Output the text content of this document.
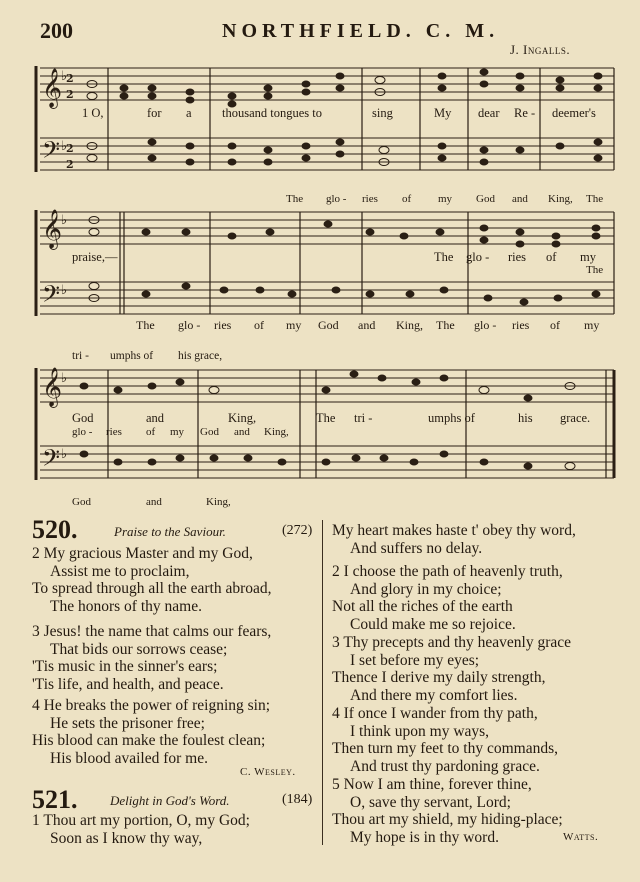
200	NORTHFIELD. C. M.
J. Ingalls.
𝄞
𝄢
𝄞
𝄢
𝄞
𝄢
2
2
2
2
♭
♭
♭
♭
♭
♭
1 O,	for a thousand tongues to	sing	My dear Re - deemer's
The glo - ries of my God and King, The
praise,—	The glo - ries of my
The
The glo - ries of my God and King, The glo - ries of my
tri - umphs of his grace,
God	and	King,	The tri -	umphs of	his grace.
glo - ries of my God and King,
God	and	King,
520.	Praise to the Saviour.	(272)
2 My gracious Master and my God,
Assist me to proclaim,
To spread through all the earth abroad,
The honors of thy name.
3 Jesus! the name that calms our fears,
That bids our sorrows cease;
'Tis music in the sinner's ears;
'Tis life, and health, and peace.
4 He breaks the power of reigning sin;
He sets the prisoner free;
His blood can make the foulest clean;
His blood availed for me.
C. Wesley.
521.	Delight in God's Word.	(184)
1 Thou art my portion, O, my God;
Soon as I know thy way,
My heart makes haste t' obey thy word,
And suffers no delay.
2 I choose the path of heavenly truth,
And glory in my choice;
Not all the riches of the earth
Could make me so rejoice.
3 Thy precepts and thy heavenly grace
I set before my eyes;
Thence I derive my daily strength,
And there my comfort lies.
4 If once I wander from thy path,
I think upon my ways,
Then turn my feet to thy commands,
And trust thy pardoning grace.
5 Now I am thine, forever thine,
O, save thy servant, Lord;
Thou art my shield, my hiding-place;
My hope is in thy word.	Watts.
